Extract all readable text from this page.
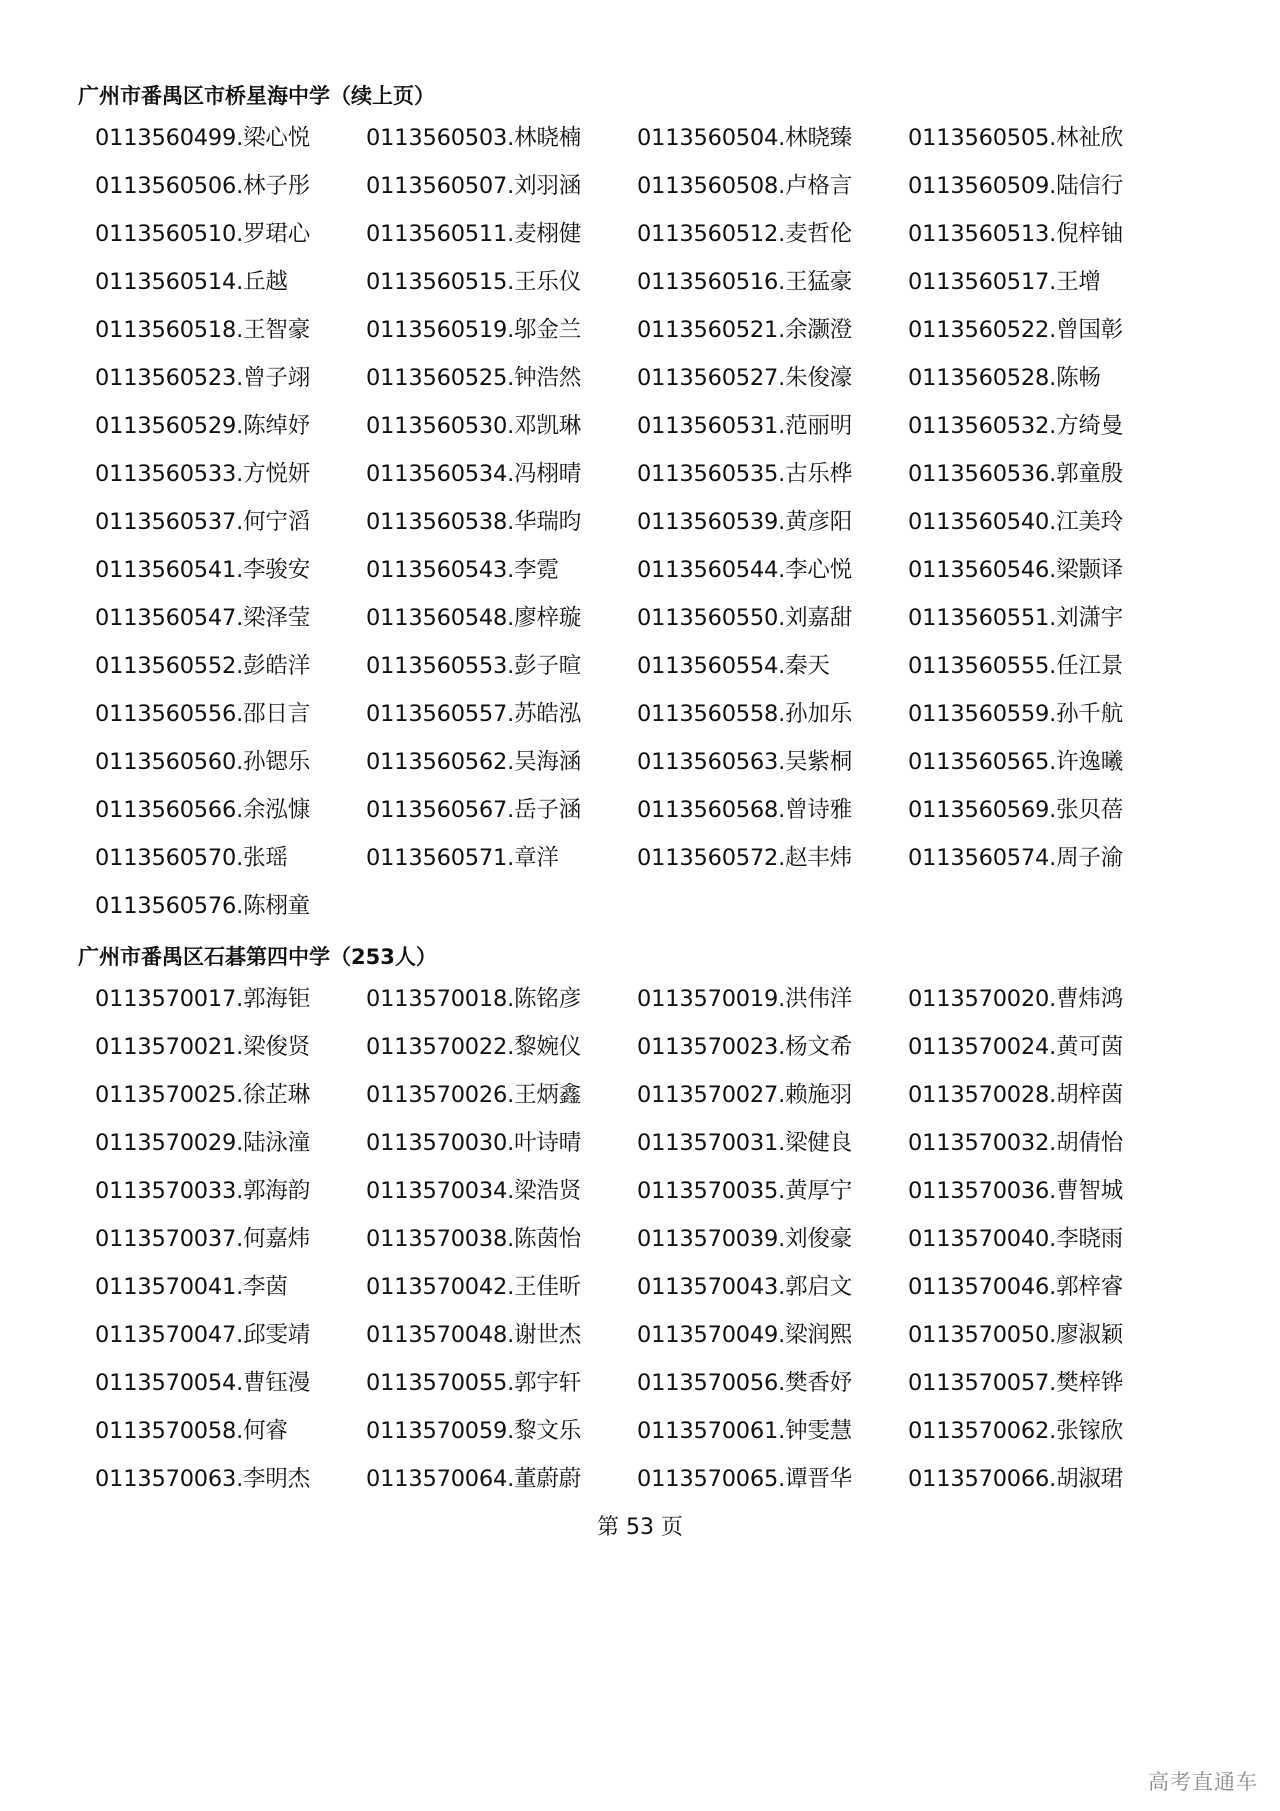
广州市番禺区市桥星海中学（续上页）
0113560499.梁心悦	0113560503.林晓楠	0113560504.林晓臻	0113560505.林祉欣
0113560506.林子彤	0113560507.刘羽涵	0113560508.卢格言	0113560509.陆信行
0113560510.罗珺心	0113560511.麦栩健	0113560512.麦哲伦	0113560513.倪梓铀
0113560514.丘越	0113560515.王乐仪	0113560516.王猛豪	0113560517.王增
0113560518.王智豪	0113560519.邬金兰	0113560521.余灏澄	0113560522.曾国彰
0113560523.曾子翊	0113560525.钟浩然	0113560527.朱俊濠	0113560528.陈畅
0113560529.陈绰妤	0113560530.邓凯琳	0113560531.范丽明	0113560532.方绮曼
0113560533.方悦妍	0113560534.冯栩晴	0113560535.古乐桦	0113560536.郭童殷
0113560537.何宁滔	0113560538.华瑞昀	0113560539.黄彦阳	0113560540.江美玲
0113560541.李骏安	0113560543.李霓	0113560544.李心悦	0113560546.梁颢译
0113560547.梁泽莹	0113560548.廖梓璇	0113560550.刘嘉甜	0113560551.刘潇宇
0113560552.彭皓洋	0113560553.彭子暄	0113560554.秦天	0113560555.任江景
0113560556.邵日言	0113560557.苏皓泓	0113560558.孙加乐	0113560559.孙千航
0113560560.孙锶乐	0113560562.吴海涵	0113560563.吴紫桐	0113560565.许逸曦
0113560566.余泓慷	0113560567.岳子涵	0113560568.曾诗雅	0113560569.张贝蓓
0113560570.张瑶	0113560571.章洋	0113560572.赵丰炜	0113560574.周子渝
0113560576.陈栩童
广州市番禺区石碁第四中学（253人）
0113570017.郭海钜	0113570018.陈铭彦	0113570019.洪伟洋	0113570020.曹炜鸿
0113570021.梁俊贤	0113570022.黎婉仪	0113570023.杨文希	0113570024.黄可茵
0113570025.徐芷琳	0113570026.王炳鑫	0113570027.赖施羽	0113570028.胡梓茵
0113570029.陆泳潼	0113570030.叶诗晴	0113570031.梁健良	0113570032.胡倩怡
0113570033.郭海韵	0113570034.梁浩贤	0113570035.黄厚宁	0113570036.曹智城
0113570037.何嘉炜	0113570038.陈茵怡	0113570039.刘俊豪	0113570040.李晓雨
0113570041.李茵	0113570042.王佳昕	0113570043.郭启文	0113570046.郭梓睿
0113570047.邱雯靖	0113570048.谢世杰	0113570049.梁润熙	0113570050.廖淑颖
0113570054.曹钰漫	0113570055.郭宇轩	0113570056.樊香妤	0113570057.樊梓铧
0113570058.何睿	0113570059.黎文乐	0113570061.钟雯慧	0113570062.张镓欣
0113570063.李明杰	0113570064.董蔚蔚	0113570065.谭晋华	0113570066.胡淑珺
第 53 页
高考直通车
